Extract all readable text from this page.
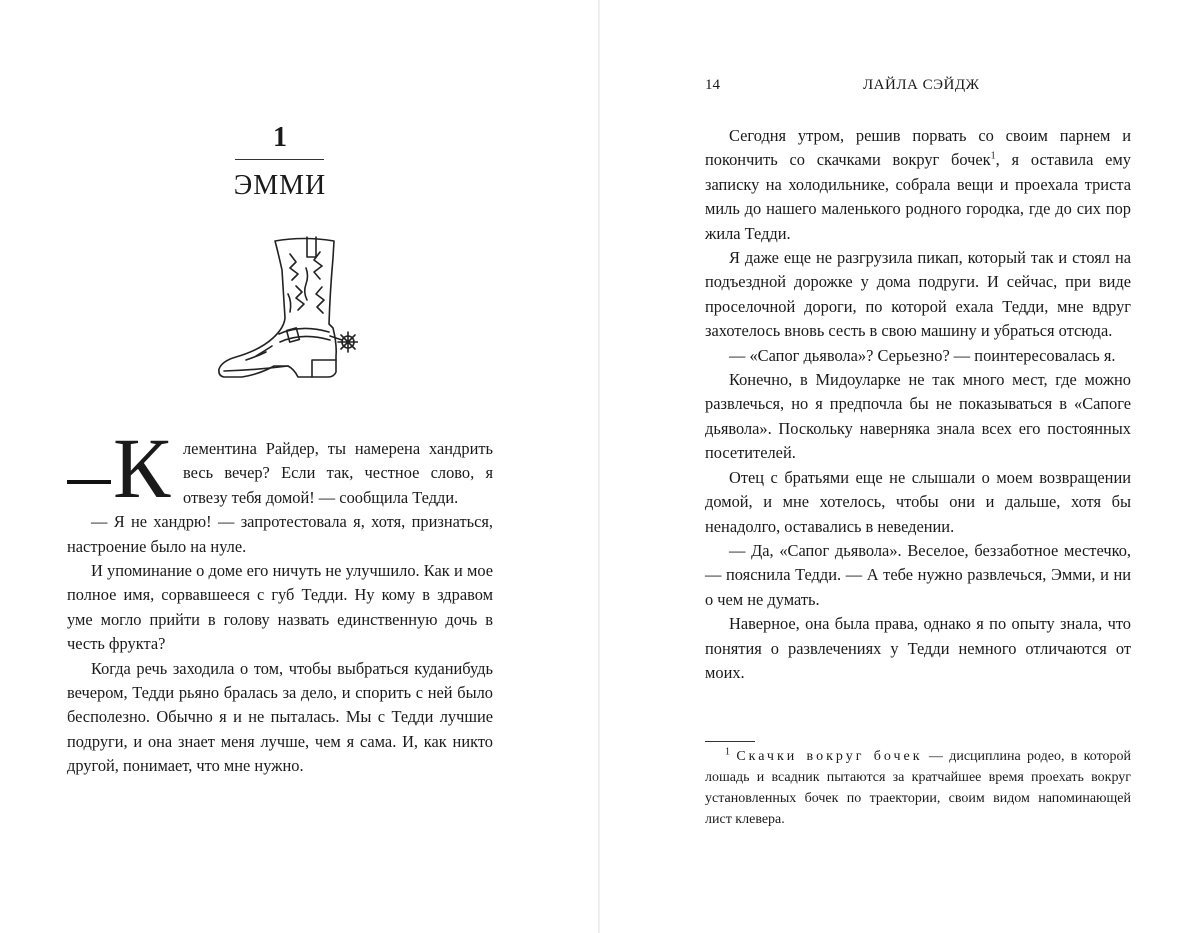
1
ЭММИ
К лементина Райдер, ты намерена хандрить весь вечер? Если так, честное слово, я отвезу тебя домой! — сообщила Тедди.

— Я не хандрю! — запротестовала я, хотя, признаться, настроение было на нуле.

И упоминание о доме его ничуть не улучшило. Как и мое полное имя, сорвавшееся с губ Тедди. Ну кому в здравом уме могло прийти в голову назвать единственную дочь в честь фрукта?

Когда речь заходила о том, чтобы выбраться куданибудь вечером, Тедди рьяно бралась за дело, и спорить с ней было бесполезно. Обычно я и не пыталась. Мы с Тедди лучшие подруги, и она знает меня лучше, чем я сама. И, как никто другой, понимает, что мне нужно.

14	ЛАЙЛА СЭЙДЖ

Сегодня утром, решив порвать со своим парнем и покончить со скачками вокруг бочек$^1$, я оставила ему записку на холодильнике, собрала вещи и проехала триста миль до нашего маленького родного городка, где до сих пор жила Тедди.

Я даже еще не разгрузила пикап, который так и стоял на подъездной дорожке у дома подруги. И сейчас, при виде проселочной дороги, по которой ехала Тедди, мне вдруг захотелось вновь сесть в свою машину и убраться отсюда.

— «Сапог дьявола»? Серьезно? — поинтересовалась я.

Конечно, в Мидоуларке не так много мест, где можно развлечься, но я предпочла бы не показываться в «Сапоге дьявола». Поскольку наверняка знала всех его постоянных посетителей.

Отец с братьями еще не слышали о моем возвращении домой, и мне хотелось, чтобы они и дальше, хотя бы ненадолго, оставались в неведении.

— Да, «Сапог дьявола». Веселое, беззаботное местечко, — пояснила Тедди. — А тебе нужно развлечься, Эмми, и ни о чем не думать.

Наверное, она была права, однако я по опыту знала, что понятия о развлечениях у Тедди немного отличаются от моих.

$^1$ Скачки вокруг бочек — дисциплина родео, в которой лошадь и всадник пытаются за кратчайшее время проехать вокруг установленных бочек по траектории, своим видом напоминающей лист клевера.
